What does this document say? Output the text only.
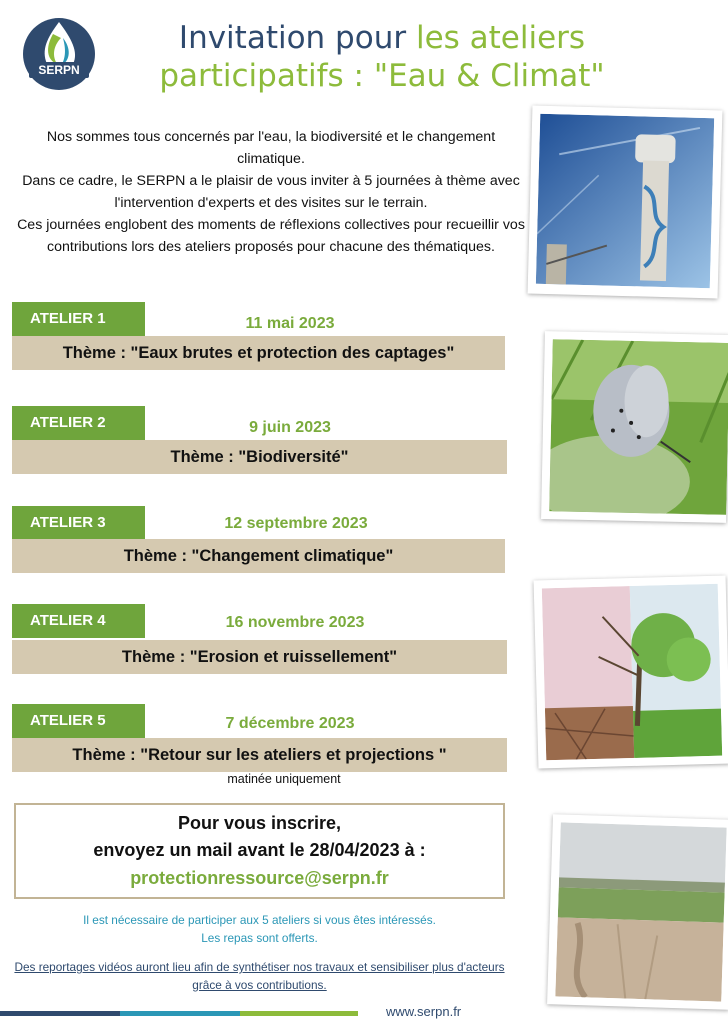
SERPN
Invitation pour les ateliers
participatifs : "Eau & Climat"

Nos sommes tous concernés par l'eau, la biodiversité et le changement climatique.

Dans ce cadre, le SERPN a le plaisir de vous inviter à 5 journées à thème avec l'intervention d'experts et des visites sur le terrain.

Ces journées englobent des moments de réflexions collectives pour recueillir vos contributions lors des ateliers proposés pour chacune des thématiques.

ATELIER 1	11 mai 2023
Thème : "Eaux brutes et protection des captages"
ATELIER 2	9 juin 2023
Thème : "Biodiversité"
ATELIER 3	12 septembre 2023
Thème : "Changement climatique"
ATELIER 4	16 novembre 2023
Thème : "Erosion et ruissellement"
ATELIER 5	7 décembre 2023
Thème : "Retour sur les ateliers et projections "
matinée uniquement
Pour vous inscrire,
envoyez un mail avant le 28/04/2023 à :
protectionressource@serpn.fr

Il est nécessaire de participer aux 5 ateliers si vous êtes intéressés.

Les repas sont offerts.

Des reportages vidéos auront lieu afin de synthétiser nos travaux et sensibiliser plus d'acteurs grâce à vos contributions.
www.serpn.fr
